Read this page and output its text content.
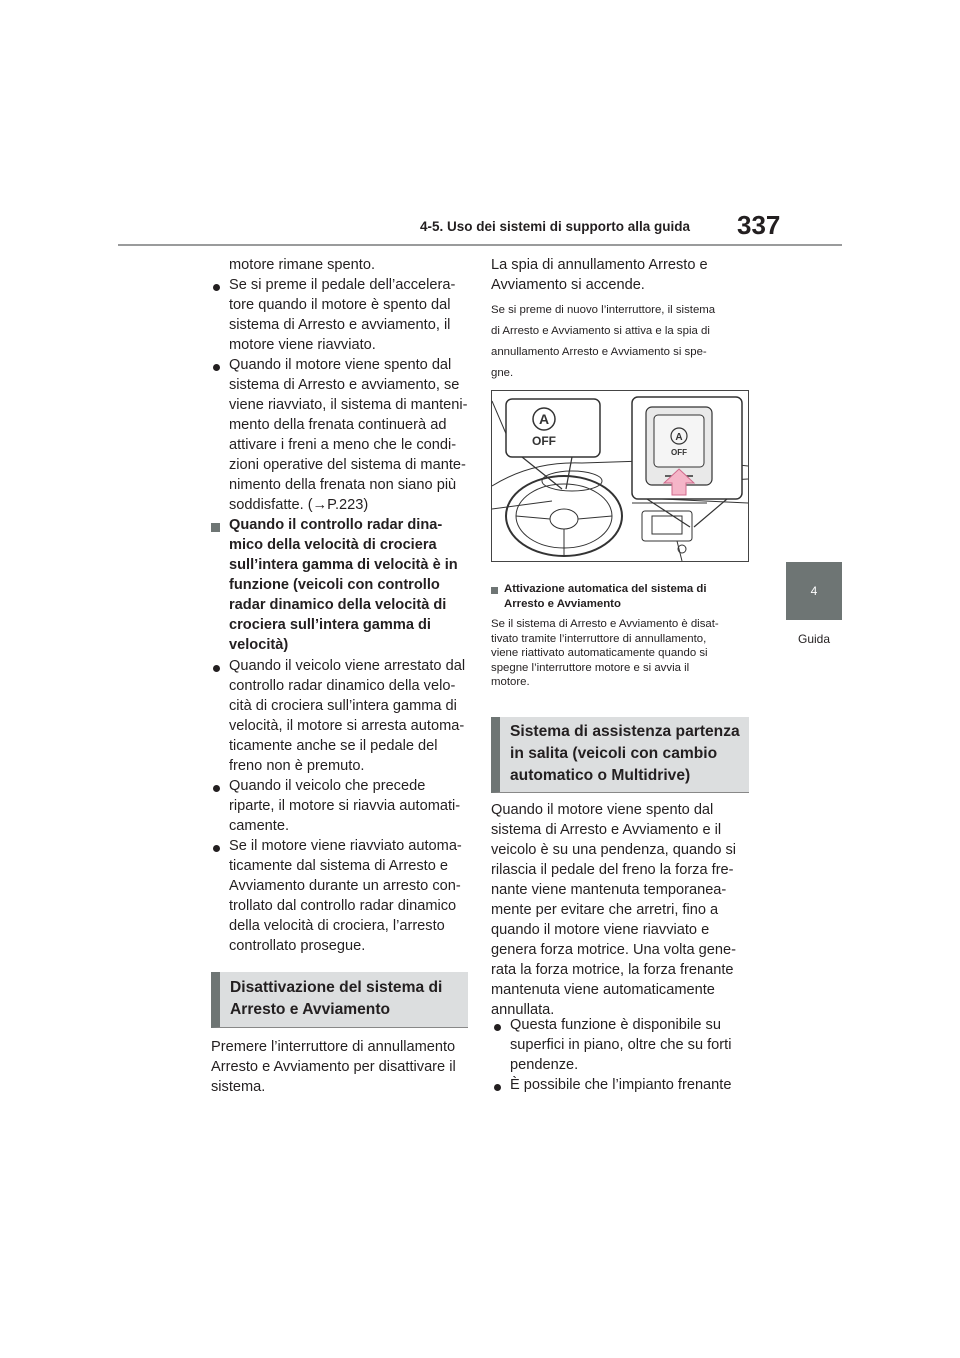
4-5. Uso dei sistemi di supporto alla guida 337
4
Guida
motore rimane spento.
Se si preme il pedale dell’accelera-
tore quando il motore è spento dal
sistema di Arresto e avviamento, il
motore viene riavviato.
Quando il motore viene spento dal
sistema di Arresto e avviamento, se
viene riavviato, il sistema di manteni-
mento della frenata continuerà ad
attivare i freni a meno che le condi-
zioni operative del sistema di mante-
nimento della frenata non siano più
soddisfatte. (→P.223)
Quando il controllo radar dina-
mico della velocità di crociera
sull’intera gamma di velocità è in
funzione (veicoli con controllo
radar dinamico della velocità di
crociera sull’intera gamma di
velocità)
Quando il veicolo viene arrestato dal
controllo radar dinamico della velo-
cità di crociera sull’intera gamma di
velocità, il motore si arresta automa-
ticamente anche se il pedale del
freno non è premuto.
Quando il veicolo che precede
riparte, il motore si riavvia automati-
camente.
Se il motore viene riavviato automa-
ticamente dal sistema di Arresto e
Avviamento durante un arresto con-
trollato dal controllo radar dinamico
della velocità di crociera, l’arresto
controllato prosegue.
Disattivazione del sistema di
Arresto e Avviamento
Premere l’interruttore di annullamento
Arresto e Avviamento per disattivare il
sistema.
La spia di annullamento Arresto e
Avviamento si accende.
Se si preme di nuovo l’interruttore, il sistema
di Arresto e Avviamento si attiva e la spia di
annullamento Arresto e Avviamento si spe-
gne.
A
OFF	A
OFF
Attivazione automatica del sistema di
Arresto e Avviamento
Se il sistema di Arresto e Avviamento è disat-
tivato tramite l’interruttore di annullamento,
viene riattivato automaticamente quando si
spegne l’interruttore motore e si avvia il
motore.
Sistema di assistenza partenza
in salita (veicoli con cambio
automatico o Multidrive)
Quando il motore viene spento dal
sistema di Arresto e Avviamento e il
veicolo è su una pendenza, quando si
rilascia il pedale del freno la forza fre-
nante viene mantenuta temporanea-
mente per evitare che arretri, fino a
quando il motore viene riavviato e
genera forza motrice. Una volta gene-
rata la forza motrice, la forza frenante
mantenuta viene automaticamente
annullata.
Questa funzione è disponibile su
superfici in piano, oltre che su forti
pendenze.
È possibile che l’impianto frenante
